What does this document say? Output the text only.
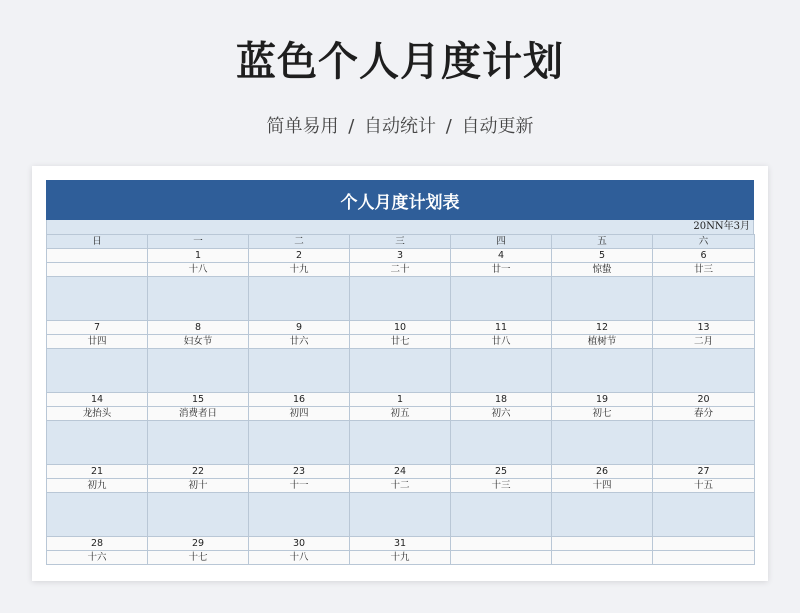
蓝色个人月度计划
简单易用 / 自动统计 / 自动更新
个人月度计划表
20NN年3月
日	一	二	三	四	五	六
	1	2	3	4	5	6
	十八	十九	二十	廿一	惊蛰	廿三

7	8	9	10	11	12	13
廿四	妇女节	廿六	廿七	廿八	植树节	二月

14	15	16	1	18	19	20
龙抬头	消费者日	初四	初五	初六	初七	春分

21	22	23	24	25	26	27
初九	初十	十一	十二	十三	十四	十五

28	29	30	31			
十六	十七	十八	十九			
